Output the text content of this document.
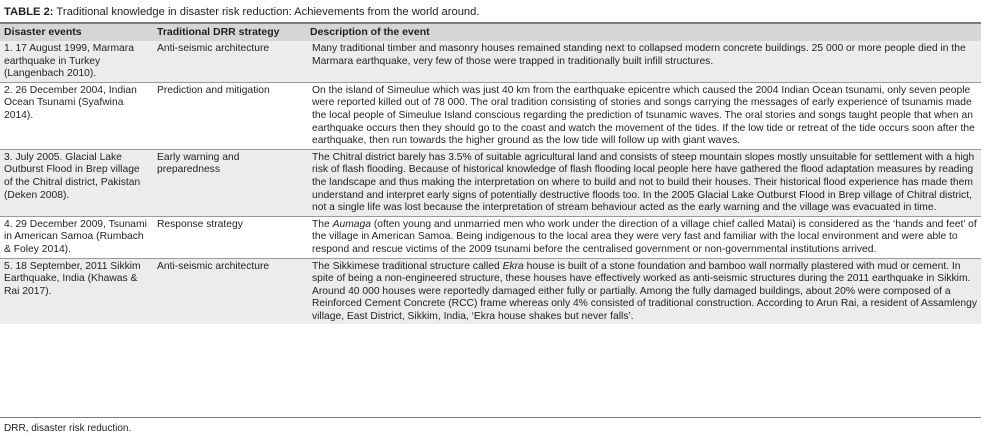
TABLE 2: Traditional knowledge in disaster risk reduction: Achievements from the world around.
Disaster events	Traditional DRR strategy	Description of the event
1. 17 August 1999, Marmara earthquake in Turkey (Langenbach 2010).	Anti-seismic architecture	Many traditional timber and masonry houses remained standing next to collapsed modern concrete buildings. 25 000 or more people died in the Marmara earthquake, very few of those were trapped in traditionally built infill structures.
2. 26 December 2004, Indian Ocean Tsunami (Syafwina 2014).	Prediction and mitigation	On the island of Simeulue which was just 40 km from the earthquake epicentre which caused the 2004 Indian Ocean tsunami, only seven people were reported killed out of 78 000. The oral tradition consisting of stories and songs carrying the messages of early experience of tsunamis made the local people of Simeulue Island conscious regarding the prediction of tsunamic waves. The oral stories and songs taught people that when an earthquake occurs then they should go to the coast and watch the movement of the tides. If the low tide or retreat of the tide occurs soon after the earthquake, then run towards the higher ground as the low tide will follow up with giant waves.
3. July 2005. Glacial Lake Outburst Flood in Brep village of the Chitral district, Pakistan (Deken 2008).	Early warning and preparedness	The Chitral district barely has 3.5% of suitable agricultural land and consists of steep mountain slopes mostly unsuitable for settlement with a high risk of flash flooding. Because of historical knowledge of flash flooding local people here have gathered the flood adaptation measures by reading the landscape and thus making the interpretation on where to build and not to build their houses. Their historical flood experience has made them understand and interpret early signs of potentially destructive floods too. In the 2005 Glacial Lake Outburst Flood in Brep village of Chitral district, not a single life was lost because the interpretation of stream behaviour acted as the early warning and the village was evacuated in time.
4. 29 December 2009, Tsunami in American Samoa (Rumbach & Foley 2014).	Response strategy	The Aumaga (often young and unmarried men who work under the direction of a village chief called Matai) is considered as the ‘hands and feet’ of the village in American Samoa. Being indigenous to the local area they were very fast and familiar with the local environment and were able to respond and rescue victims of the 2009 tsunami before the centralised government or non-governmental institutions arrived.
5. 18 September, 2011 Sikkim Earthquake, India (Khawas & Rai 2017).	Anti-seismic architecture	The Sikkimese traditional structure called Ekra house is built of a stone foundation and bamboo wall normally plastered with mud or cement. In spite of being a non-engineered structure, these houses have effectively worked as anti-seismic structures during the 2011 earthquake in Sikkim. Around 40 000 houses were reportedly damaged either fully or partially. Among the fully damaged buildings, about 20% were composed of a Reinforced Cement Concrete (RCC) frame whereas only 4% consisted of traditional construction. According to Arun Rai, a resident of Assamlengy village, East District, Sikkim, India, ‘Ekra house shakes but never falls’.
DRR, disaster risk reduction.
